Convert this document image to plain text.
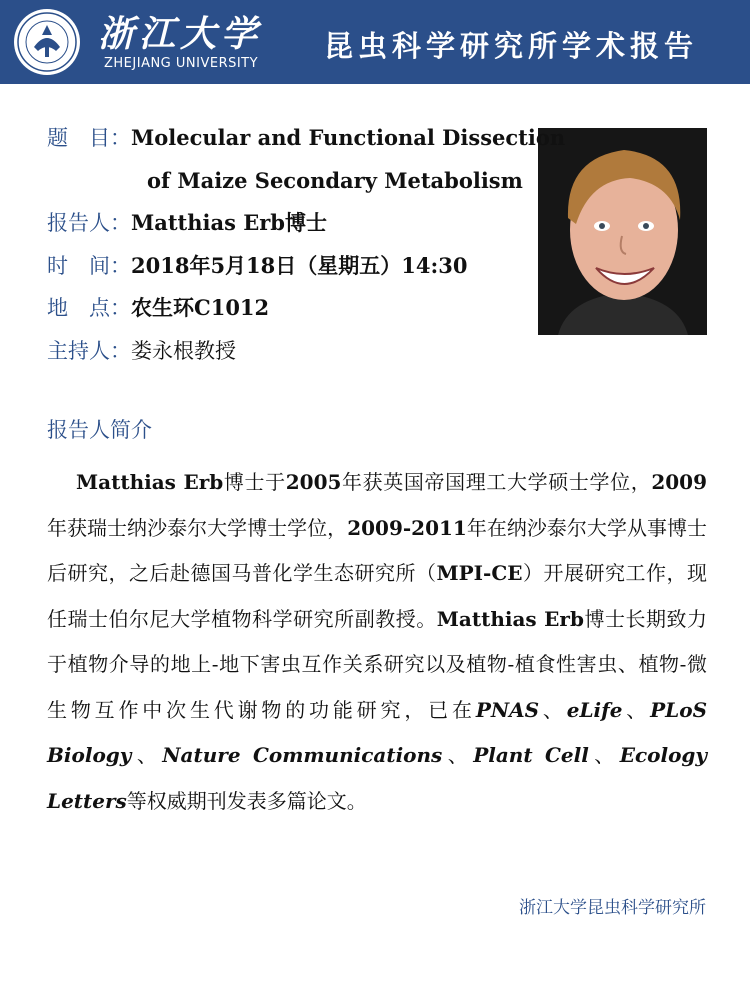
浙江大学
ZHEJIANG UNIVERSITY
昆虫科学研究所学术报告
题　目：Molecular and Functional Dissection
of Maize Secondary Metabolism
报告人：Matthias Erb博士
时　间：2018年5月18日（星期五）14:30
地　点：农生环C1012
主持人：娄永根教授
报告人简介
Matthias Erb博士于2005年获英国帝国理工大学硕士学位，2009年获瑞士纳沙泰尔大学博士学位，2009-2011年在纳沙泰尔大学从事博士后研究，之后赴德国马普化学生态研究所（MPI-CE）开展研究工作，现任瑞士伯尔尼大学植物科学研究所副教授。Matthias Erb博士长期致力于植物介导的地上-地下害虫互作关系研究以及植物-植食性害虫、植物-微生物互作中次生代谢物的功能研究，已在PNAS、eLife、PLoS Biology、Nature Communications、Plant Cell、Ecology Letters等权威期刊发表多篇论文。
浙江大学昆虫科学研究所
